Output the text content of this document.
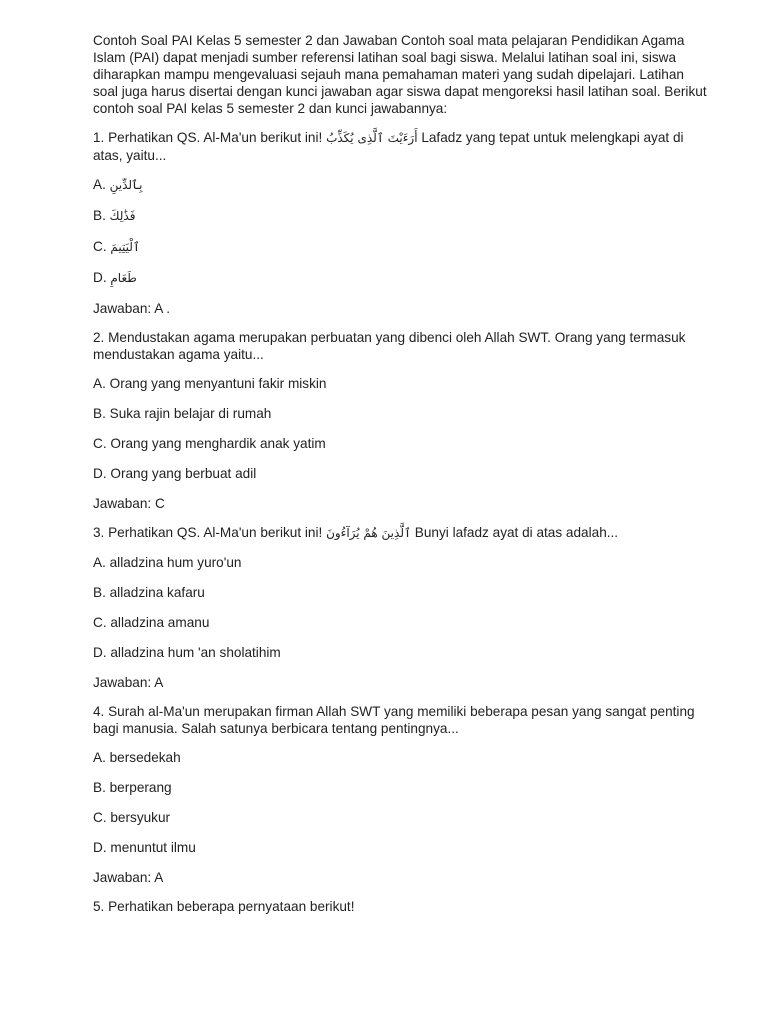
Contoh Soal PAI Kelas 5 semester 2 dan Jawaban Contoh soal mata pelajaran Pendidikan Agama Islam (PAI) dapat menjadi sumber referensi latihan soal bagi siswa. Melalui latihan soal ini, siswa diharapkan mampu mengevaluasi sejauh mana pemahaman materi yang sudah dipelajari. Latihan soal juga harus disertai dengan kunci jawaban agar siswa dapat mengoreksi hasil latihan soal. Berikut contoh soal PAI kelas 5 semester 2 dan kunci jawabannya:

1. Perhatikan QS. Al-Ma'un berikut ini! أَرَءَيْتَ ٱلَّذِى يُكَذِّبُ Lafadz yang tepat untuk melengkapi ayat di atas, yaitu...

A. بِٱلدِّينِ

B. فَذَٰلِكَ

C. ٱلْيَتِيمَ

D. طَعَامِ

Jawaban: A .

2. Mendustakan agama merupakan perbuatan yang dibenci oleh Allah SWT. Orang yang termasuk mendustakan agama yaitu...

A. Orang yang menyantuni fakir miskin

B. Suka rajin belajar di rumah

C. Orang yang menghardik anak yatim

D. Orang yang berbuat adil

Jawaban: C

3. Perhatikan QS. Al-Ma'un berikut ini! ٱلَّذِينَ هُمْ يُرَآءُونَ Bunyi lafadz ayat di atas adalah...

A. alladzina hum yuro'un

B. alladzina kafaru

C. alladzina amanu

D. alladzina hum 'an sholatihim

Jawaban: A

4. Surah al-Ma'un merupakan firman Allah SWT yang memiliki beberapa pesan yang sangat penting bagi manusia. Salah satunya berbicara tentang pentingnya...

A. bersedekah

B. berperang

C. bersyukur

D. menuntut ilmu

Jawaban: A

5. Perhatikan beberapa pernyataan berikut!
